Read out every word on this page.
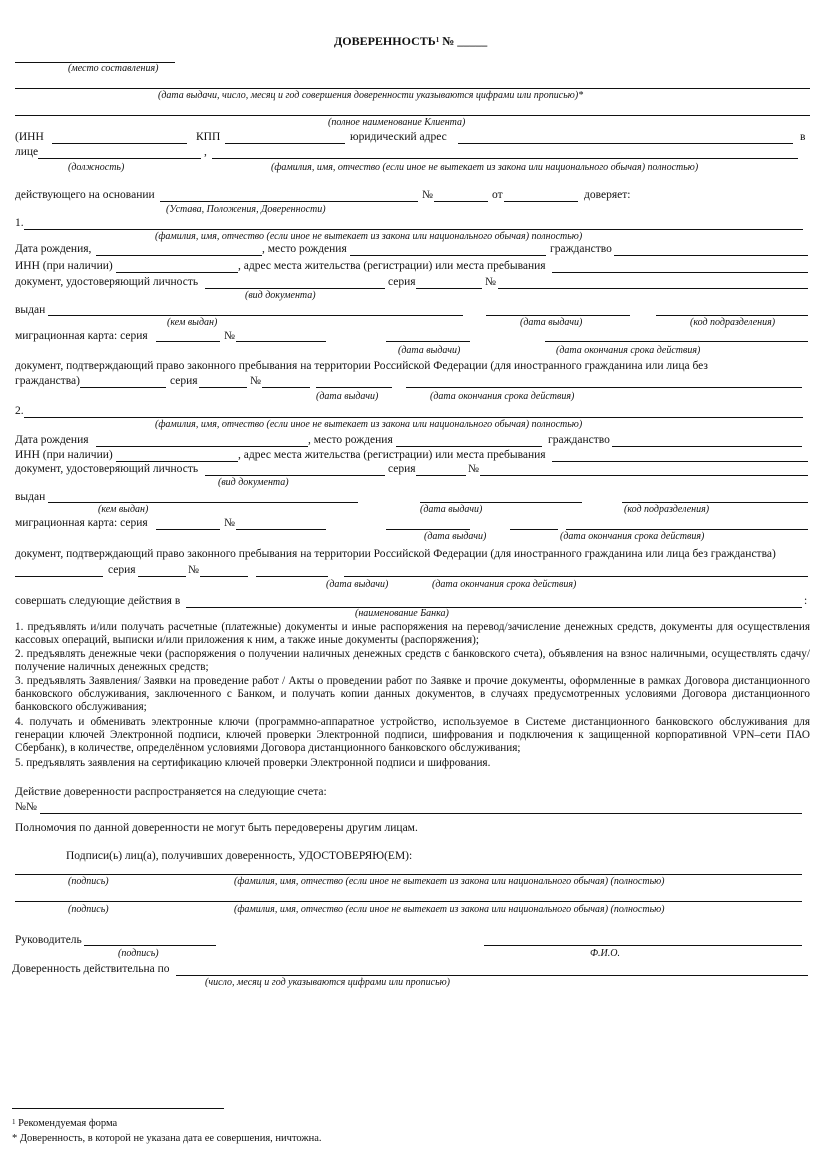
ДОВЕРЕННОСТЬ$^1$ № _____
(место составления)
(дата выдачи, число, месяц и год совершения доверенности указываются цифрами или прописью)*
(полное наименование Клиента)
(ИНН	КПП	юридический адрес	в
лице	,
(должность)	(фамилия, имя, отчество (если иное не вытекает из закона или национального обычая) полностью)
действующего на основании	№	от	доверяет:
(Устава, Положения, Доверенности)
1.
(фамилия, имя, отчество (если иное не вытекает из закона или национального обычая) полностью)
Дата рождения,	, место рождения	гражданство
ИНН (при наличии)	, адрес места жительства (регистрации) или места пребывания
документ, удостоверяющий личность	серия	№
(вид документа)
выдан
(кем выдан)	(дата выдачи)	(код подразделения)
миграционная карта: серия	№
(дата выдачи)	(дата окончания срока действия)
документ, подтверждающий право законного пребывания на территории Российской Федерации (для иностранного гражданина или лица без
гражданства)	серия	№
(дата выдачи)	(дата окончания срока действия)
2.
(фамилия, имя, отчество (если иное не вытекает из закона или национального обычая) полностью)
Дата рождения	, место рождения	гражданство
ИНН (при наличии)	, адрес места жительства (регистрации) или места пребывания
документ, удостоверяющий личность	серия	№
(вид документа)
выдан
(кем выдан)	(дата выдачи)	(код подразделения)
миграционная карта: серия	№
(дата выдачи)	(дата окончания срока действия)
документ, подтверждающий право законного пребывания на территории Российской Федерации (для иностранного гражданина или лица без гражданства)
серия	№
(дата выдачи)	(дата окончания срока действия)
совершать следующие действия в	:
(наименование Банка)
1. предъявлять и/или получать расчетные (платежные) документы и иные распоряжения на перевод/зачисление денежных средств, документы для осуществления кассовых операций, выписки и/или приложения к ним, а также иные документы (распоряжения);
2. предъявлять денежные чеки (распоряжения о получении наличных денежных средств с банковского счета), объявления на взнос наличными, осуществлять сдачу/получение наличных денежных средств;
3. предъявлять Заявления/ Заявки на проведение работ / Акты о проведении работ по Заявке и прочие документы, оформленные в рамках Договора дистанционного банковского обслуживания, заключенного с Банком, и получать копии данных документов, в случаях предусмотренных условиями Договора дистанционного банковского обслуживания;
4. получать и обменивать электронные ключи (программно-аппаратное устройство, используемое в Системе дистанционного банковского обслуживания для генерации ключей Электронной подписи, ключей проверки Электронной подписи, шифрования и подключения к защищенной корпоративной VPN–сети ПАО Сбербанк), в количестве, определённом условиями Договора дистанционного банковского обслуживания;
5. предъявлять заявления на сертификацию ключей проверки Электронной подписи и шифрования.
Действие доверенности распространяется на следующие счета:
№№
Полномочия по данной доверенности не могут быть передоверены другим лицам.
Подписи(ь) лиц(а), получивших доверенность, УДОСТОВЕРЯЮ(ЕМ):
(подпись)	(фамилия, имя, отчество (если иное не вытекает из закона или национального обычая) (полностью)
(подпись)	(фамилия, имя, отчество (если иное не вытекает из закона или национального обычая) (полностью)
Руководитель
(подпись)	Ф.И.О.
Доверенность действительна по
(число, месяц и год указываются цифрами или прописью)
$^1$ Рекомендуемая форма
* Доверенность, в которой не указана дата ее совершения, ничтожна.
